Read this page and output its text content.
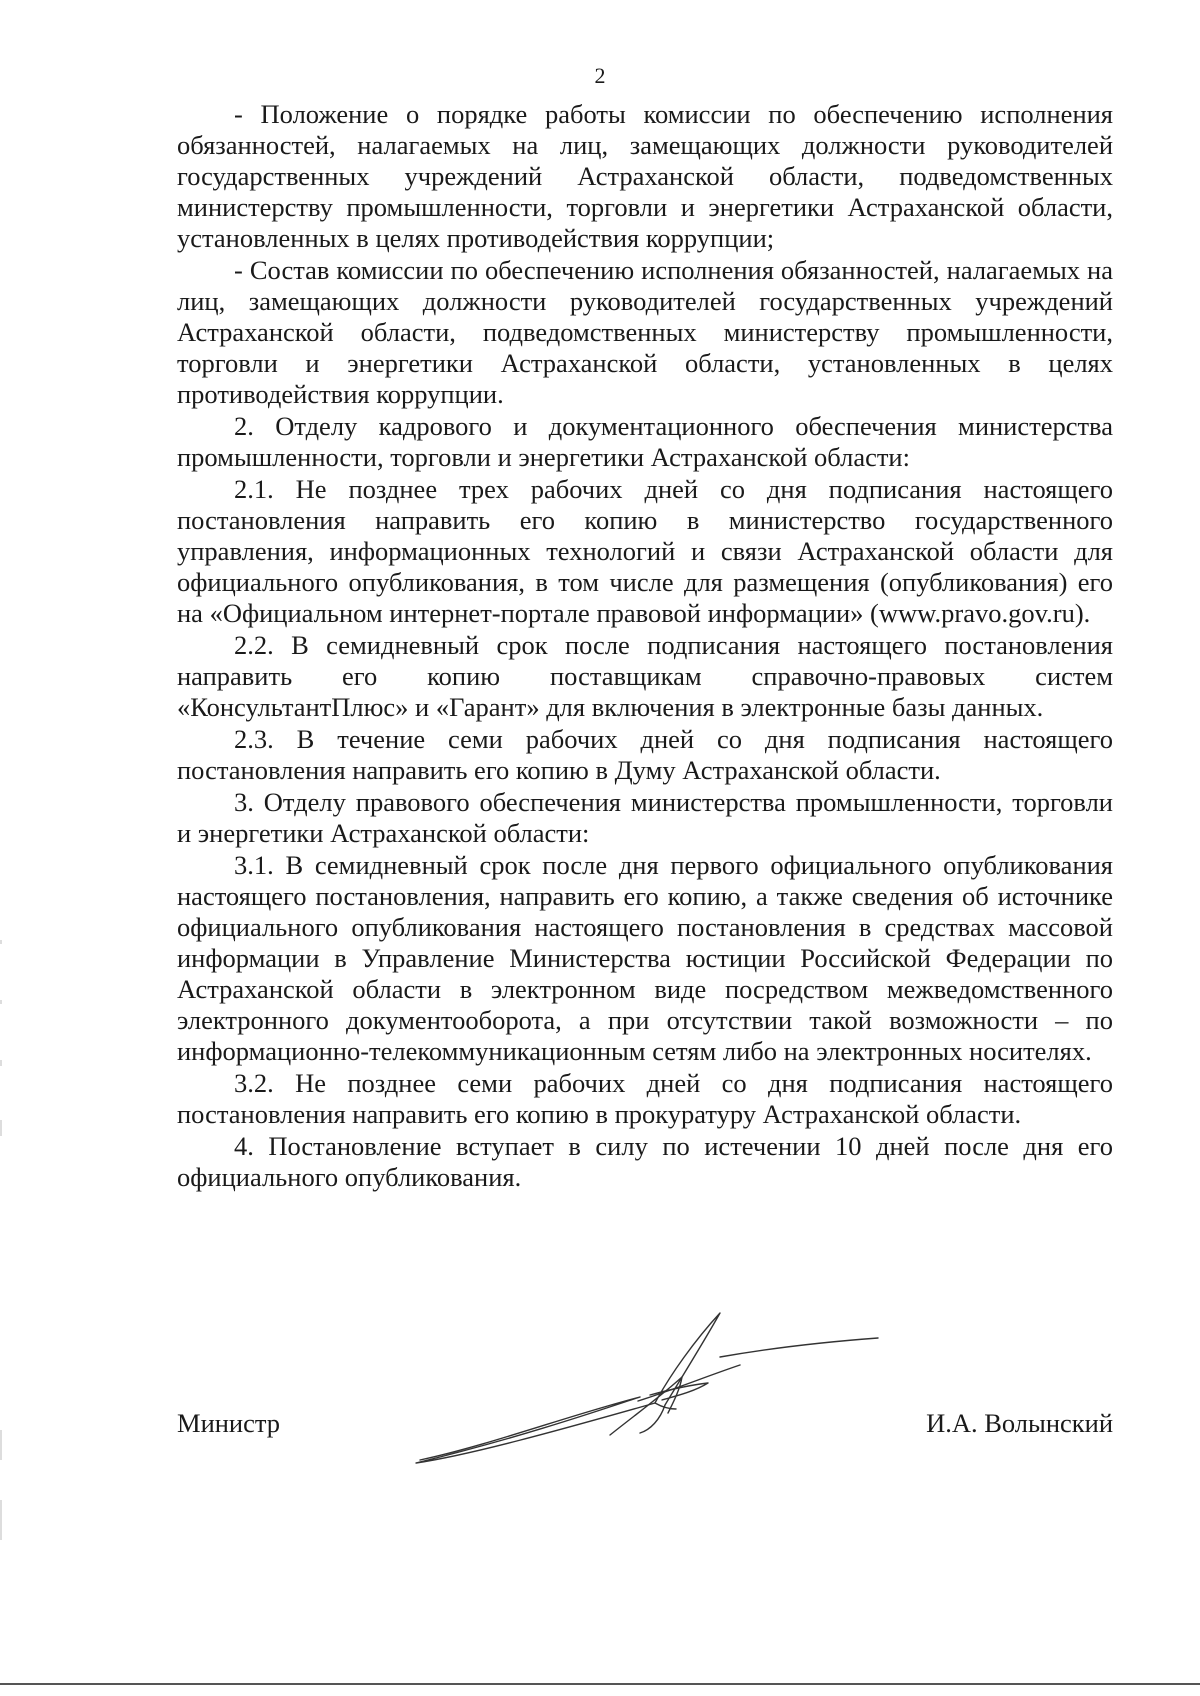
2

- Положение о порядке работы комиссии по обеспечению исполнения обязанностей, налагаемых на лиц, замещающих должности руководителей государственных учреждений Астраханской области, подведомственных министерству промышленности, торговли и энергетики Астраханской области, установленных в целях противодействия коррупции;

- Состав комиссии по обеспечению исполнения обязанностей, налагаемых на лиц, замещающих должности руководителей государственных учреждений Астраханской области, подведомственных министерству промышленности, торговли и энергетики Астраханской области, установленных в целях противодействия коррупции.

2. Отделу кадрового и документационного обеспечения министерства промышленности, торговли и энергетики Астраханской области:

2.1. Не позднее трех рабочих дней со дня подписания настоящего постановления направить его копию в министерство государственного управления, информационных технологий и связи Астраханской области для официального опубликования, в том числе для размещения (опубликования) его на «Официальном интернет-портале правовой информации» (www.pravo.gov.ru).

2.2. В семидневный срок после подписания настоящего постановления направить его копию поставщикам справочно-правовых систем «КонсультантПлюс» и «Гарант» для включения в электронные базы данных.

2.3. В течение семи рабочих дней со дня подписания настоящего постановления направить его копию в Думу Астраханской области.

3. Отделу правового обеспечения министерства промышленности, торговли и энергетики Астраханской области:

3.1. В семидневный срок после дня первого официального опубликования настоящего постановления, направить его копию, а также сведения об источнике официального опубликования настоящего постановления в средствах массовой информации в Управление Министерства юстиции Российской Федерации по Астраханской области в электронном виде посредством межведомственного электронного документооборота, а при отсутствии такой возможности – по информационно-телекоммуникационным сетям либо на электронных носителях.

3.2. Не позднее семи рабочих дней со дня подписания настоящего постановления направить его копию в прокуратуру Астраханской области.

4. Постановление вступает в силу по истечении 10 дней после дня его официального опубликования.

Министр	И.А. Волынский
